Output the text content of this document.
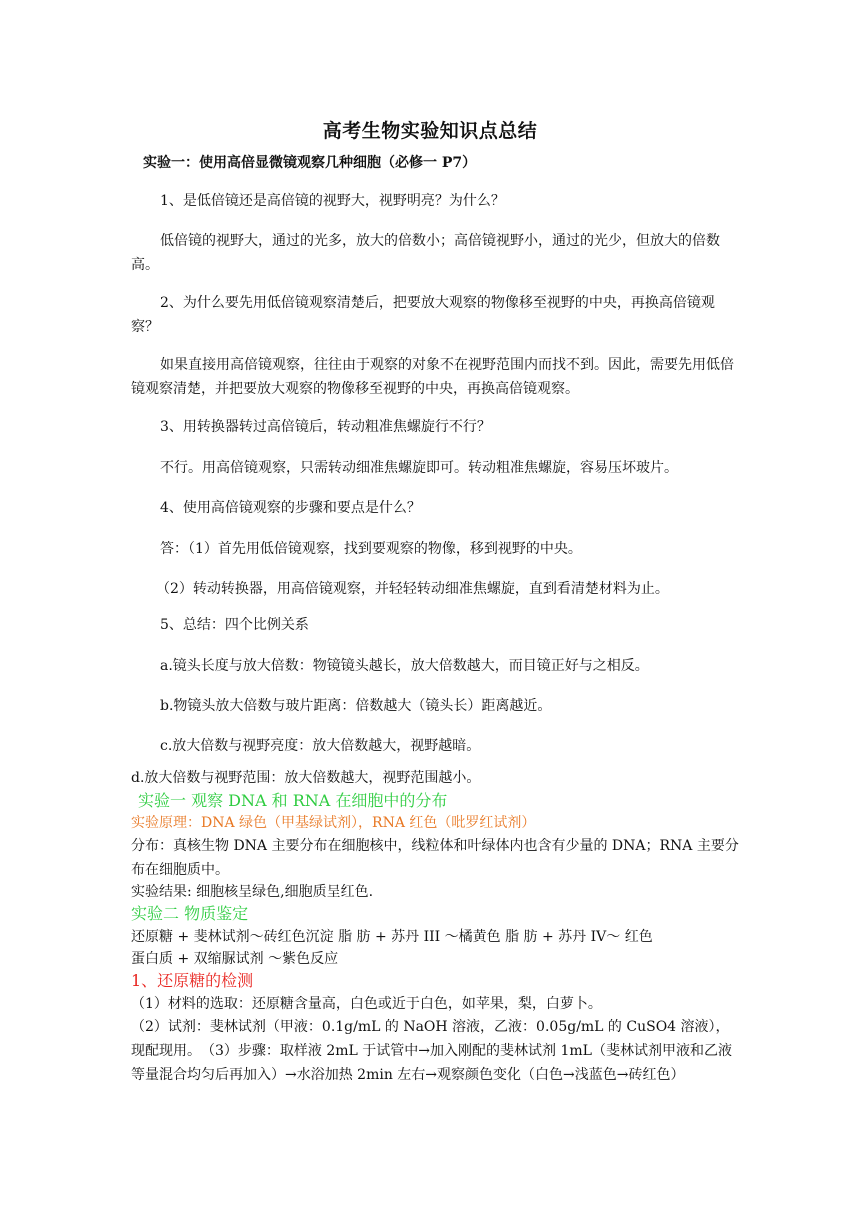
高考生物实验知识点总结
实验一：使用高倍显微镜观察几种细胞（必修一 P7）
1、是低倍镜还是高倍镜的视野大，视野明亮？为什么？
低倍镜的视野大，通过的光多，放大的倍数小；高倍镜视野小，通过的光少，但放大的倍数高。
2、为什么要先用低倍镜观察清楚后，把要放大观察的物像移至视野的中央，再换高倍镜观察？
如果直接用高倍镜观察，往往由于观察的对象不在视野范围内而找不到。因此，需要先用低倍镜观察清楚，并把要放大观察的物像移至视野的中央，再换高倍镜观察。
3、用转换器转过高倍镜后，转动粗准焦螺旋行不行？
不行。用高倍镜观察，只需转动细准焦螺旋即可。转动粗准焦螺旋，容易压坏玻片。
4、使用高倍镜观察的步骤和要点是什么？
答：（1）首先用低倍镜观察，找到要观察的物像，移到视野的中央。
（2）转动转换器，用高倍镜观察，并轻轻转动细准焦螺旋，直到看清楚材料为止。
5、总结：四个比例关系
a.镜头长度与放大倍数：物镜镜头越长，放大倍数越大，而目镜正好与之相反。
b.物镜头放大倍数与玻片距离：倍数越大（镜头长）距离越近。
c.放大倍数与视野亮度：放大倍数越大，视野越暗。
d.放大倍数与视野范围：放大倍数越大，视野范围越小。
实验一 观察 DNA 和 RNA 在细胞中的分布
实验原理：DNA 绿色（甲基绿试剂），RNA 红色（吡罗红试剂）
分布：真核生物 DNA 主要分布在细胞核中，线粒体和叶绿体内也含有少量的 DNA；RNA 主要分布在细胞质中。
实验结果: 细胞核呈绿色,细胞质呈红色.
实验二 物质鉴定
还原糖 + 斐林试剂～砖红色沉淀 脂 肪 + 苏丹 III ～橘黄色 脂 肪 + 苏丹 IV～ 红色
蛋白质 + 双缩脲试剂 ～紫色反应
1、还原糖的检测
（1）材料的选取：还原糖含量高，白色或近于白色，如苹果，梨，白萝卜。
（2）试剂：斐林试剂（甲液：0.1g/mL 的 NaOH 溶液，乙液：0.05g/mL 的 CuSO4 溶液），现配现用。　（3）步骤：取样液 2mL 于试管中→加入刚配的斐林试剂 1mL（斐林试剂甲液和乙液等量混合均匀后再加入）→水浴加热 2min 左右→观察颜色变化（白色→浅蓝色→砖红色）
